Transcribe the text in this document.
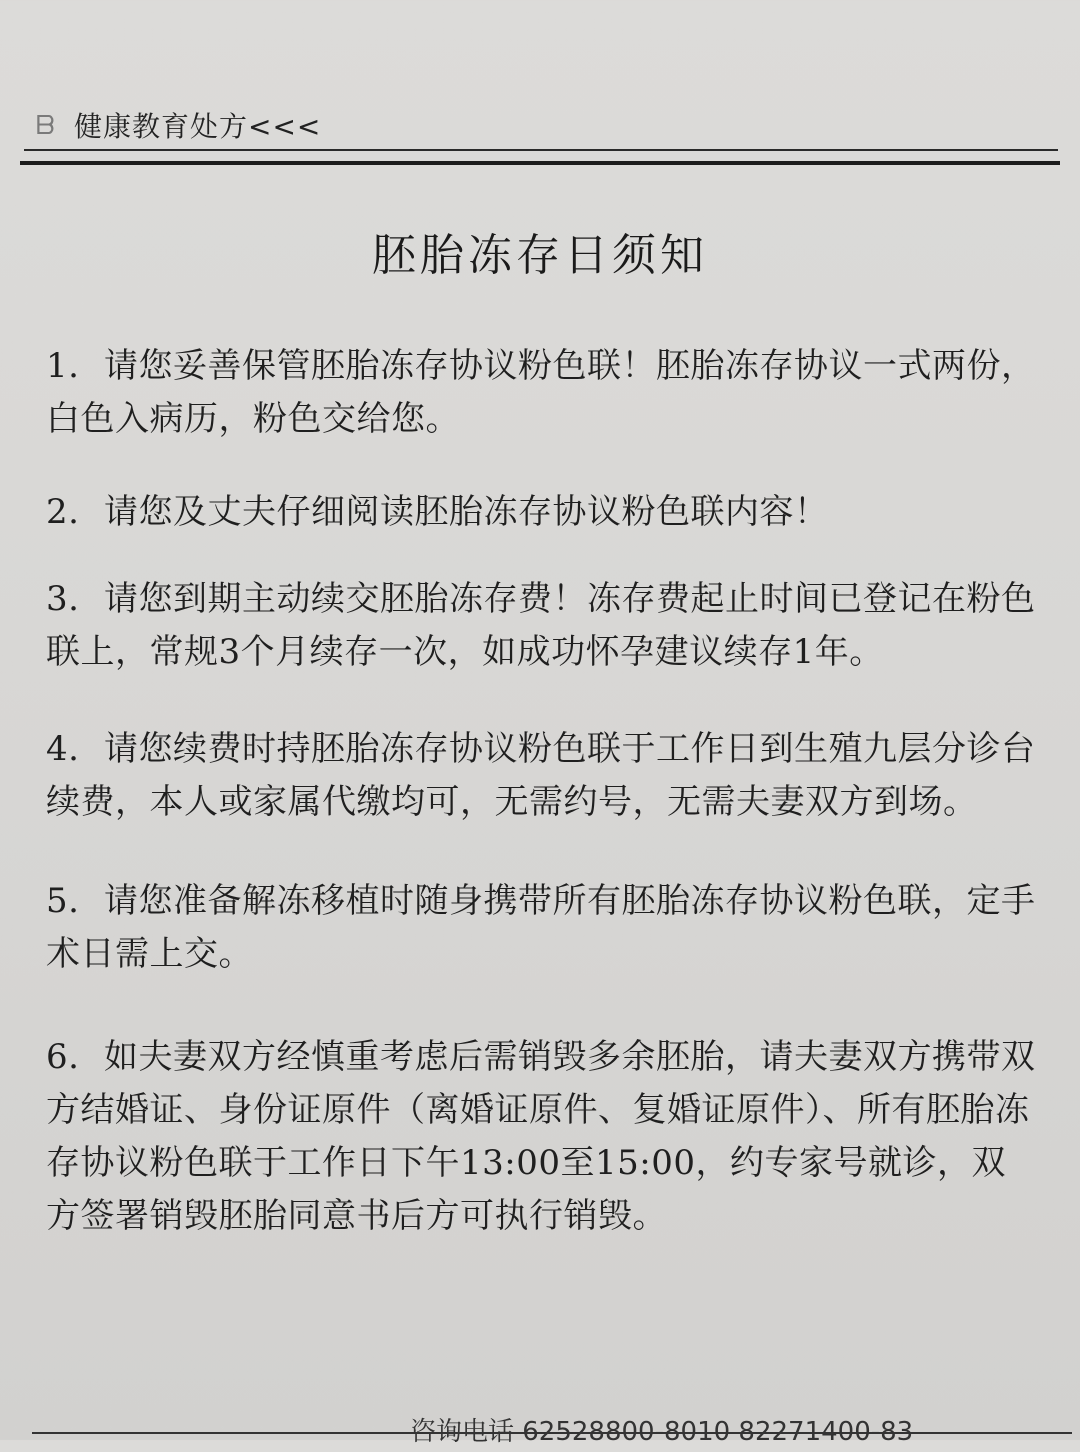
ᗷ 健康教育处方<<<
胚胎冻存日须知

1. 请您妥善保管胚胎冻存协议粉色联！胚胎冻存协议一式两份，白色入病历，粉色交给您。

2. 请您及丈夫仔细阅读胚胎冻存协议粉色联内容！

3. 请您到期主动续交胚胎冻存费！冻存费起止时间已登记在粉色联上，常规3个月续存一次，如成功怀孕建议续存1年。

4. 请您续费时持胚胎冻存协议粉色联于工作日到生殖九层分诊台续费，本人或家属代缴均可，无需约号，无需夫妻双方到场。

5. 请您准备解冻移植时随身携带所有胚胎冻存协议粉色联，定手术日需上交。

6. 如夫妻双方经慎重考虑后需销毁多余胚胎，请夫妻双方携带双方结婚证、身份证原件（离婚证原件、复婚证原件）、所有胚胎冻存协议粉色联于工作日下午13:00至15:00，约专家号就诊，双方签署销毁胚胎同意书后方可执行销毁。

咨询电话 62528800-8010 82271400-83
